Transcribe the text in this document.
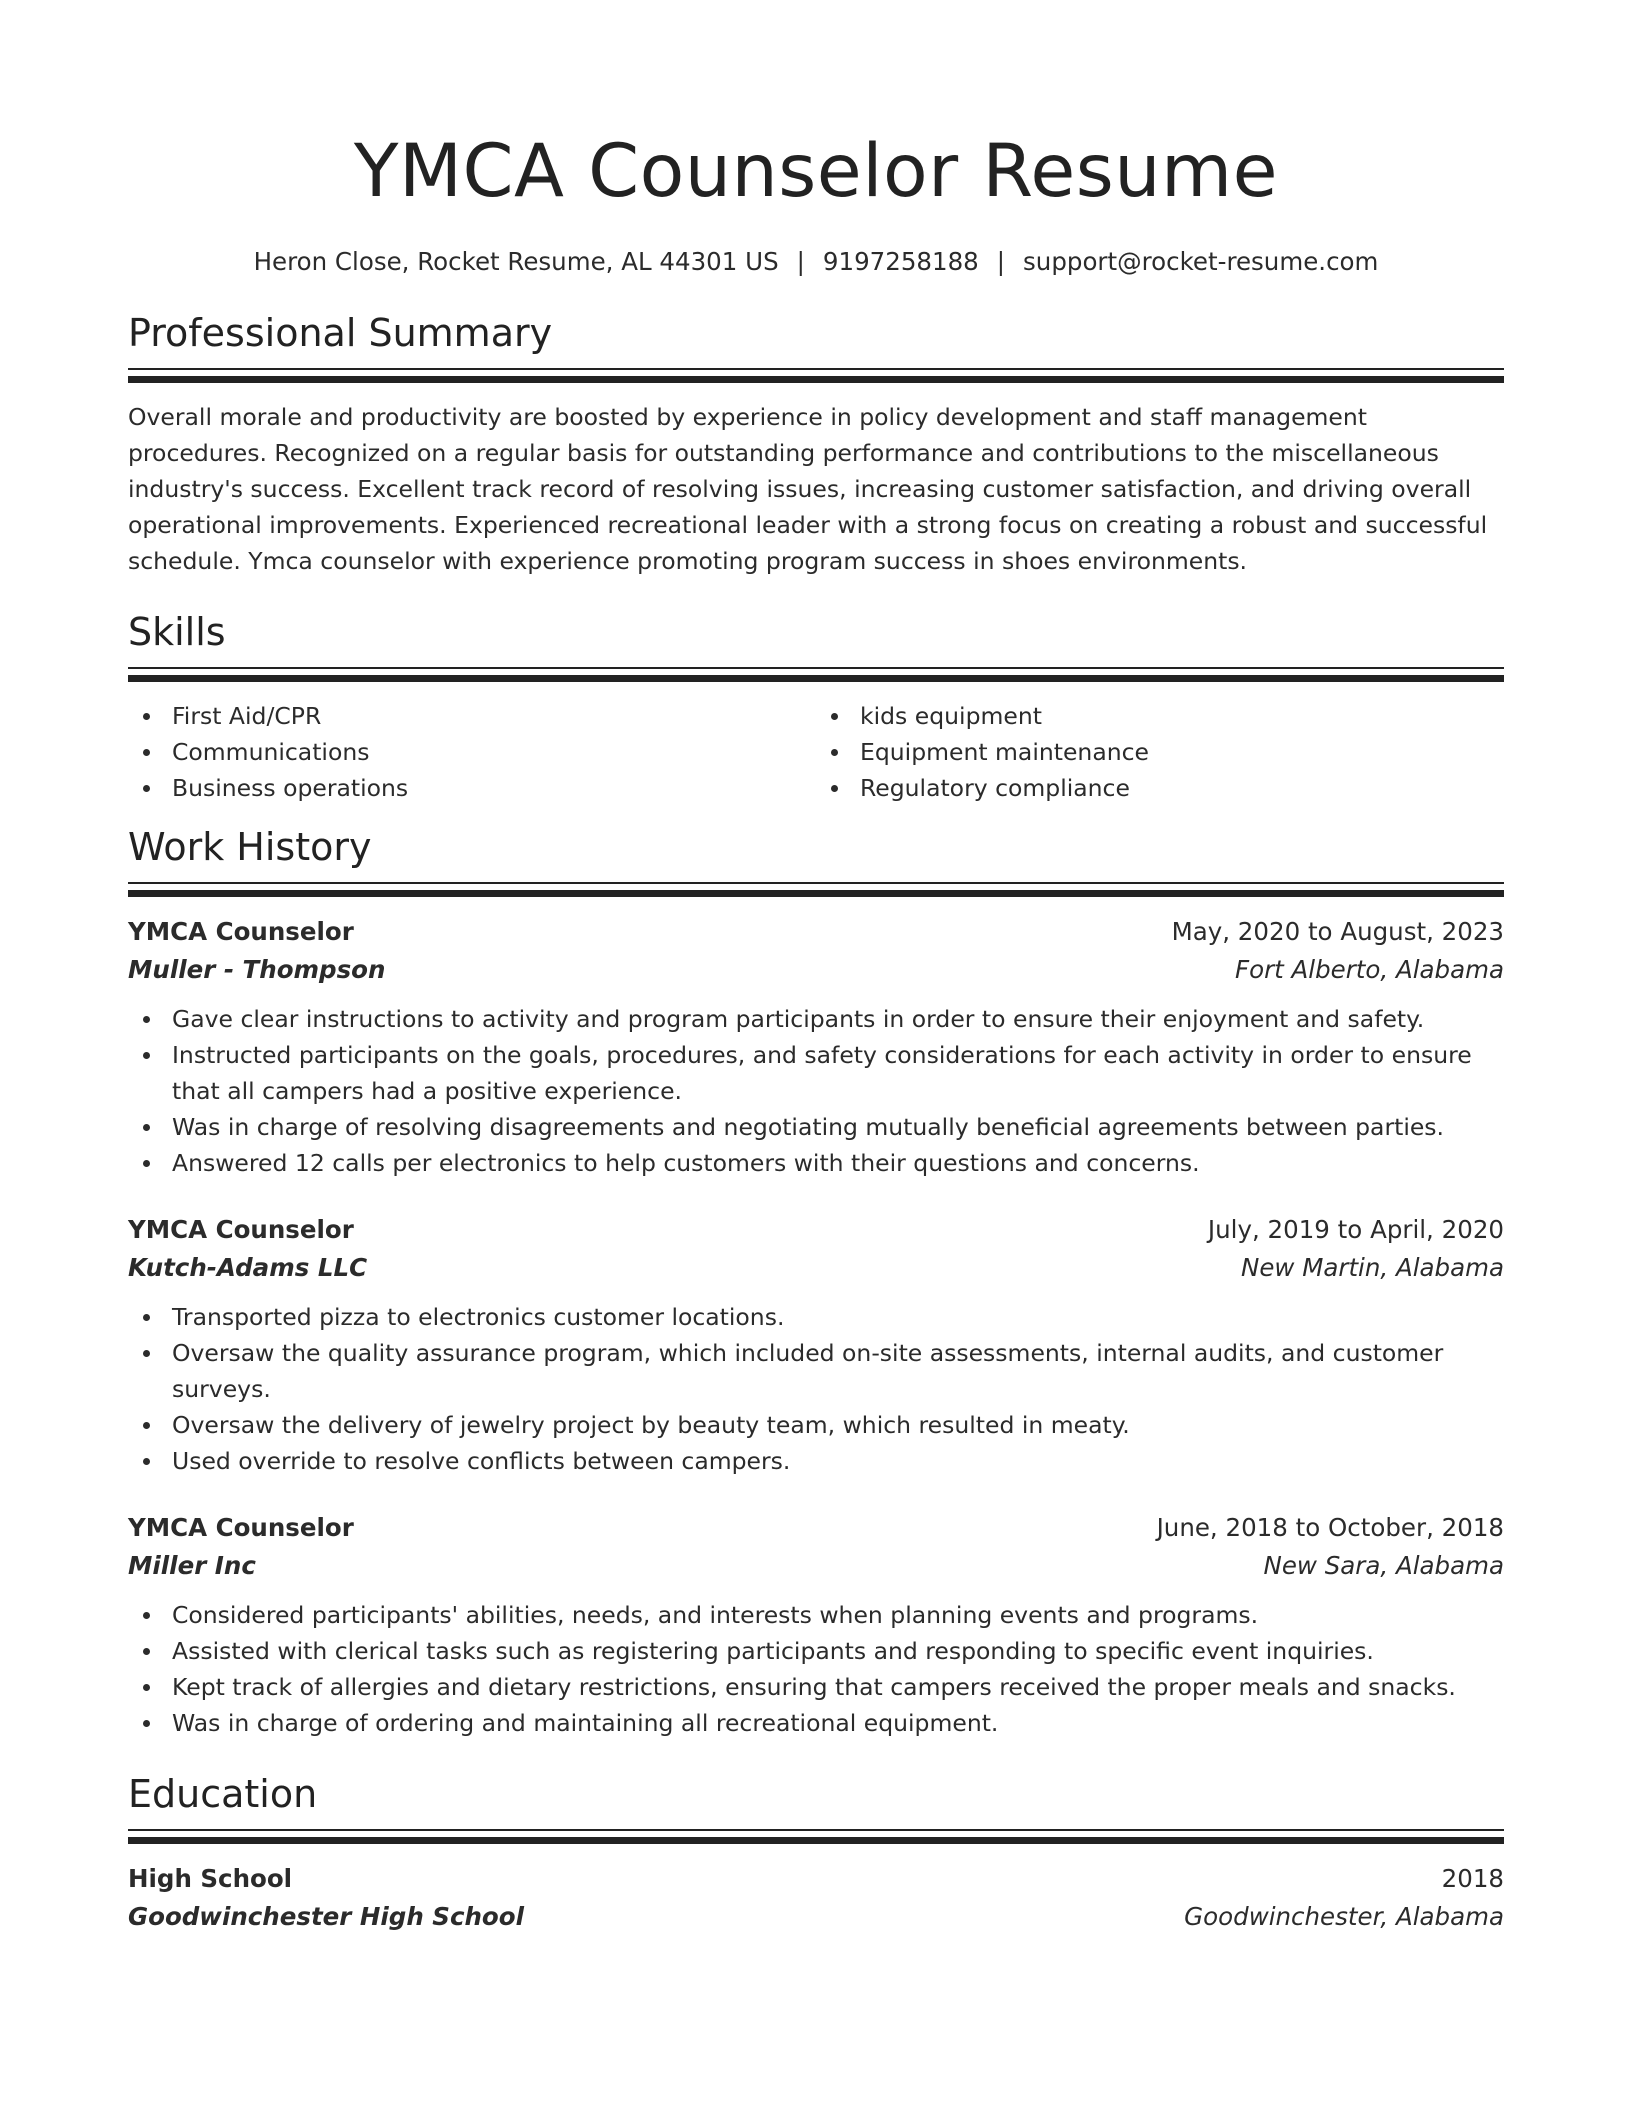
YMCA Counselor Resume
Heron Close, Rocket Resume, AL 44301 US | 9197258188 | support@rocket-resume.com
Professional Summary
Overall morale and productivity are boosted by experience in policy development and staff management procedures. Recognized on a regular basis for outstanding performance and contributions to the miscellaneous industry's success. Excellent track record of resolving issues, increasing customer satisfaction, and driving overall operational improvements. Experienced recreational leader with a strong focus on creating a robust and successful schedule. Ymca counselor with experience promoting program success in shoes environments.
Skills
First Aid/CPR
Communications
Business operations
kids equipment
Equipment maintenance
Regulatory compliance
Work History
YMCA Counselor	May, 2020 to August, 2023
Muller - Thompson	Fort Alberto, Alabama
Gave clear instructions to activity and program participants in order to ensure their enjoyment and safety.
Instructed participants on the goals, procedures, and safety considerations for each activity in order to ensure that all campers had a positive experience.
Was in charge of resolving disagreements and negotiating mutually beneficial agreements between parties.
Answered 12 calls per electronics to help customers with their questions and concerns.
YMCA Counselor	July, 2019 to April, 2020
Kutch-Adams LLC	New Martin, Alabama
Transported pizza to electronics customer locations.
Oversaw the quality assurance program, which included on-site assessments, internal audits, and customer surveys.
Oversaw the delivery of jewelry project by beauty team, which resulted in meaty.
Used override to resolve conflicts between campers.
YMCA Counselor	June, 2018 to October, 2018
Miller Inc	New Sara, Alabama
Considered participants' abilities, needs, and interests when planning events and programs.
Assisted with clerical tasks such as registering participants and responding to specific event inquiries.
Kept track of allergies and dietary restrictions, ensuring that campers received the proper meals and snacks.
Was in charge of ordering and maintaining all recreational equipment.
Education
High School	2018
Goodwinchester High School	Goodwinchester, Alabama
